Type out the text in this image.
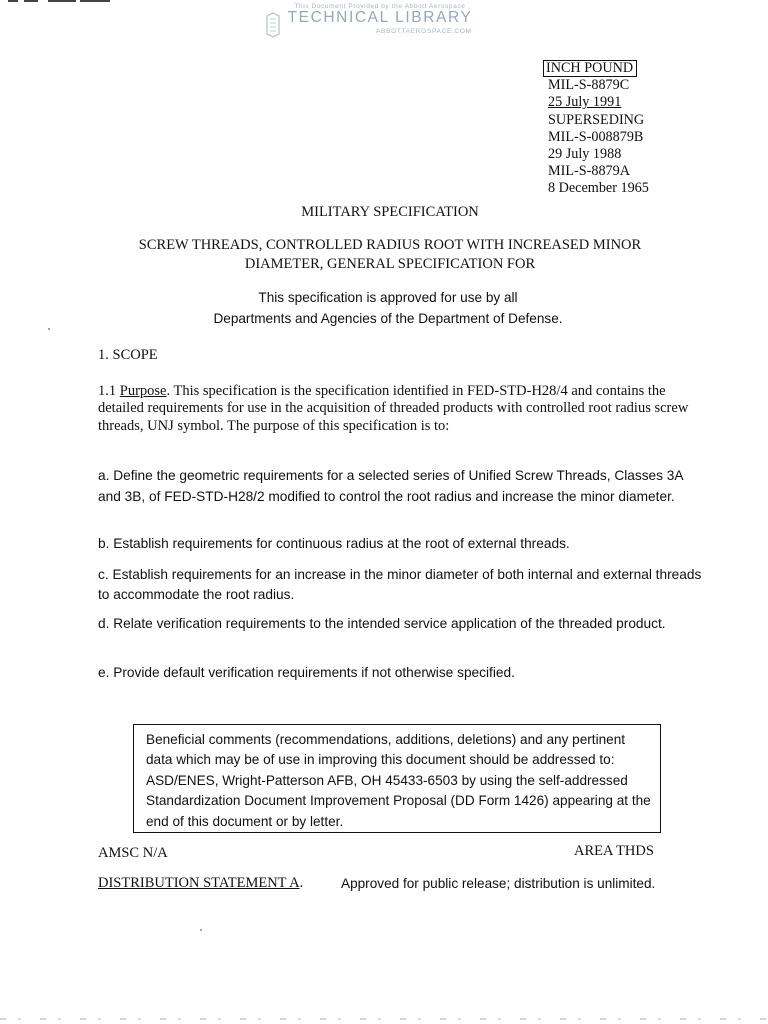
This Document Provided by the Abbott Aerospace
TECHNICAL LIBRARY
ABBOTTAEROSPACE.COM
INCH POUND
MIL-S-8879C
25 July 1991
SUPERSEDING
MIL-S-008879B
29 July 1988
MIL-S-8879A
8 December 1965
MILITARY SPECIFICATION
SCREW THREADS, CONTROLLED RADIUS ROOT WITH INCREASED MINOR
DIAMETER, GENERAL SPECIFICATION FOR
This specification is approved for use by all
Departments and Agencies of the Department of Defense.
1. SCOPE
1.1 Purpose. This specification is the specification identified in FED-STD-H28/4 and contains the detailed requirements for use in the acquisition of threaded products with controlled root radius screw threads, UNJ symbol. The purpose of this specification is to:
a. Define the geometric requirements for a selected series of Unified Screw Threads, Classes 3A and 3B, of FED-STD-H28/2 modified to control the root radius and increase the minor diameter.
b. Establish requirements for continuous radius at the root of external threads.
c. Establish requirements for an increase in the minor diameter of both internal and external threads to accommodate the root radius.
d. Relate verification requirements to the intended service application of the threaded product.
e. Provide default verification requirements if not otherwise specified.
Beneficial comments (recommendations, additions, deletions) and any pertinent data which may be of use in improving this document should be addressed to: ASD/ENES, Wright-Patterson AFB, OH 45433-6503 by using the self-addressed Standardization Document Improvement Proposal (DD Form 1426) appearing at the end of this document or by letter.
AMSC N/A	AREA THDS
DISTRIBUTION STATEMENT A.	Approved for public release; distribution is unlimited.
